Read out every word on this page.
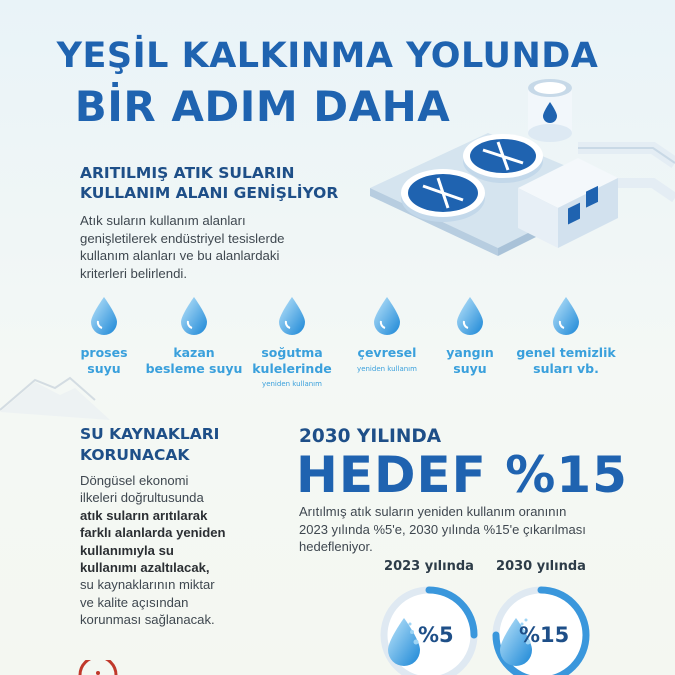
YEŞİL KALKINMA YOLUNDA
BİR ADIM DAHA
ARITILMIŞ ATIK SULARIN
KULLANIM ALANI GENİŞLİYOR
Atık suların kullanım alanları
genişletilerek endüstriyel tesislerde
kullanım alanları ve bu alanlardaki
kriterleri belirlendi.
proses
suyu
kazan
besleme suyu
soğutma
kulelerinde
yeniden kullanım
çevresel
yeniden kullanım
yangın
suyu
genel temizlik
suları vb.
SU KAYNAKLARI
KORUNACAK
Döngüsel ekonomi
ilkeleri doğrultusunda
atık suların arıtılarak
farklı alanlarda yeniden
kullanımıyla su
kullanımı azaltılacak,
su kaynaklarının miktar
ve kalite açısından
korunması sağlanacak.
2030 YILINDA
HEDEF %15
Arıtılmış atık suların yeniden kullanım oranının
2023 yılında %5'e, 2030 yılında %15'e çıkarılması
hedefleniyor.
2023 yılında	2030 yılında
%5	%15
